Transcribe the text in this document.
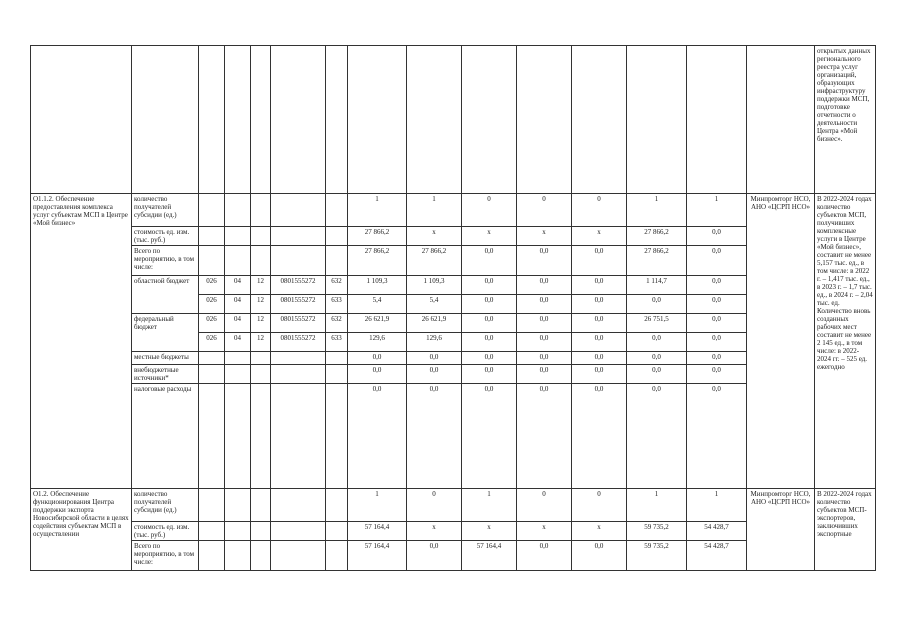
															открытых данных регионального реестра услуг организаций, образующих инфраструктуру поддержки МСП, подготовке отчетности о деятельности Центра «Мой бизнес».
О1.1.2. Обеспечение предоставления комплекса услуг субъектам МСП в Центре «Мой бизнес»	количество получателей субсидии (ед.)						1	1	0	0	0	1	1	Минпромторг НСО, АНО «ЦСРП НСО»	В 2022-2024 годах количество субъектов МСП, получивших комплексные услуги в Центре «Мой бизнес», составит не менее 5,157 тыс. ед., в том числе: в 2022 г. – 1,417 тыс. ед., в 2023 г. – 1,7 тыс. ед., в 2024 г. – 2,04 тыс. ед. Количество вновь созданных рабочих мест составит не менее 2 145 ед., в том числе: в 2022-2024 гг. – 525 ед. ежегодно
	стоимость ед. изм. (тыс. руб.)						27 866,2	x	x	x	x	27 866,2	0,0		
	Всего по мероприятию, в том числе:						27 866,2	27 866,2	0,0	0,0	0,0	27 866,2	0,0		
	областной бюджет	026	04	12	0801555272	632	1 109,3	1 109,3	0,0	0,0	0,0	1 114,7	0,0		
		026	04	12	0801555272	633	5,4	5,4	0,0	0,0	0,0	0,0	0,0		
	федеральный бюджет	026	04	12	0801555272	632	26 621,9	26 621,9	0,0	0,0	0,0	26 751,5	0,0		
		026	04	12	0801555272	633	129,6	129,6	0,0	0,0	0,0	0,0	0,0		
	местные бюджеты						0,0	0,0	0,0	0,0	0,0	0,0	0,0		
	внебюджетные источники*						0,0	0,0	0,0	0,0	0,0	0,0	0,0		
	налоговые расходы						0,0	0,0	0,0	0,0	0,0	0,0	0,0		
О1.2. Обеспечение функционирования Центра поддержки экспорта Новосибирской области в целях содействия субъектам МСП в осуществлении	количество получателей субсидии (ед.)						1	0	1	0	0	1	1	Минпромторг НСО, АНО «ЦСРП НСО»	В 2022-2024 годах количество субъектов МСП-экспортеров, заключивших экспортные
	стоимость ед. изм. (тыс. руб.)						57 164,4	x	x	x	x	59 735,2	54 428,7		
	Всего по мероприятию, в том числе:						57 164,4	0,0	57 164,4	0,0	0,0	59 735,2	54 428,7		
